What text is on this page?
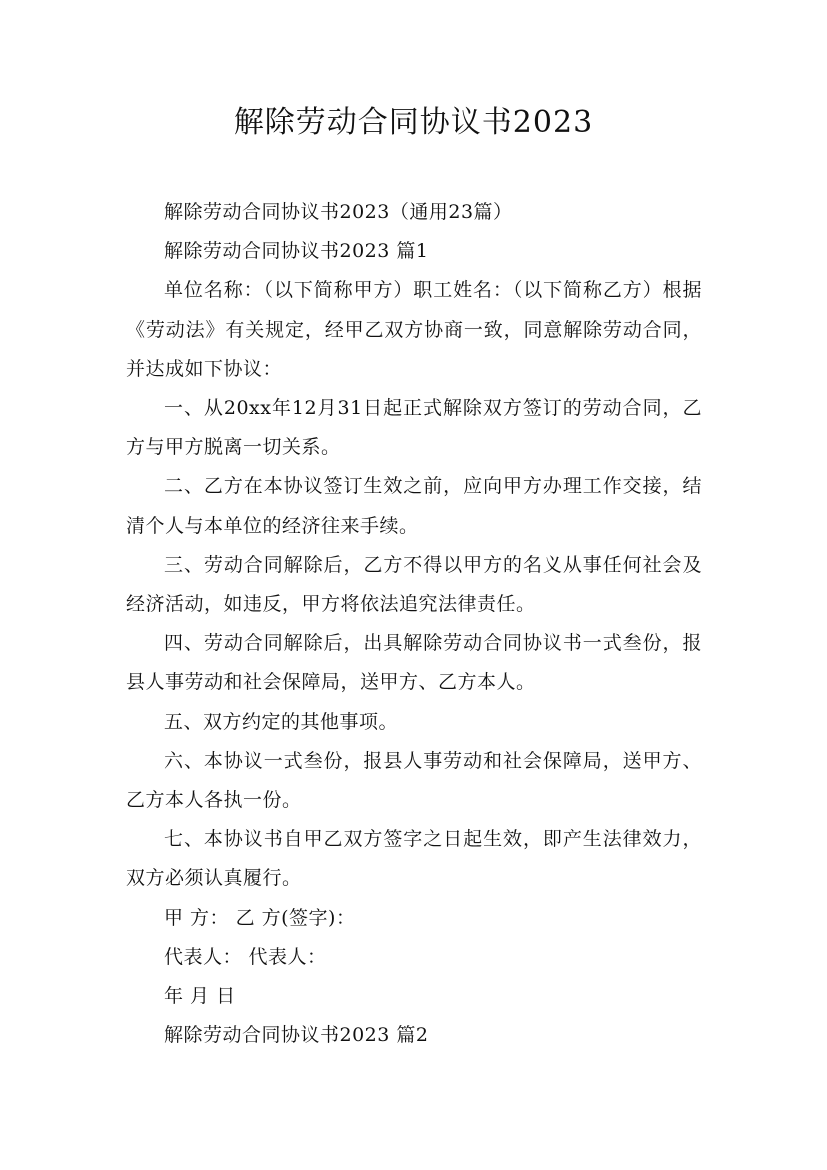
解除劳动合同协议书2023

解除劳动合同协议书2023（通用23篇）

解除劳动合同协议书2023 篇1

单位名称：（以下简称甲方）职工姓名：（以下简称乙方）根据《劳动法》有关规定，经甲乙双方协商一致，同意解除劳动合同，并达成如下协议：

一、从20xx年12月31日起正式解除双方签订的劳动合同，乙方与甲方脱离一切关系。

二、乙方在本协议签订生效之前，应向甲方办理工作交接，结清个人与本单位的经济往来手续。

三、劳动合同解除后，乙方不得以甲方的名义从事任何社会及经济活动，如违反，甲方将依法追究法律责任。

四、劳动合同解除后，出具解除劳动合同协议书一式叁份，报县人事劳动和社会保障局，送甲方、乙方本人。

五、双方约定的其他事项。

六、本协议一式叁份，报县人事劳动和社会保障局，送甲方、乙方本人各执一份。

七、本协议书自甲乙双方签字之日起生效，即产生法律效力，双方必须认真履行。

甲 方： 乙 方(签字)：

代表人： 代表人：

年 月 日

解除劳动合同协议书2023 篇2
